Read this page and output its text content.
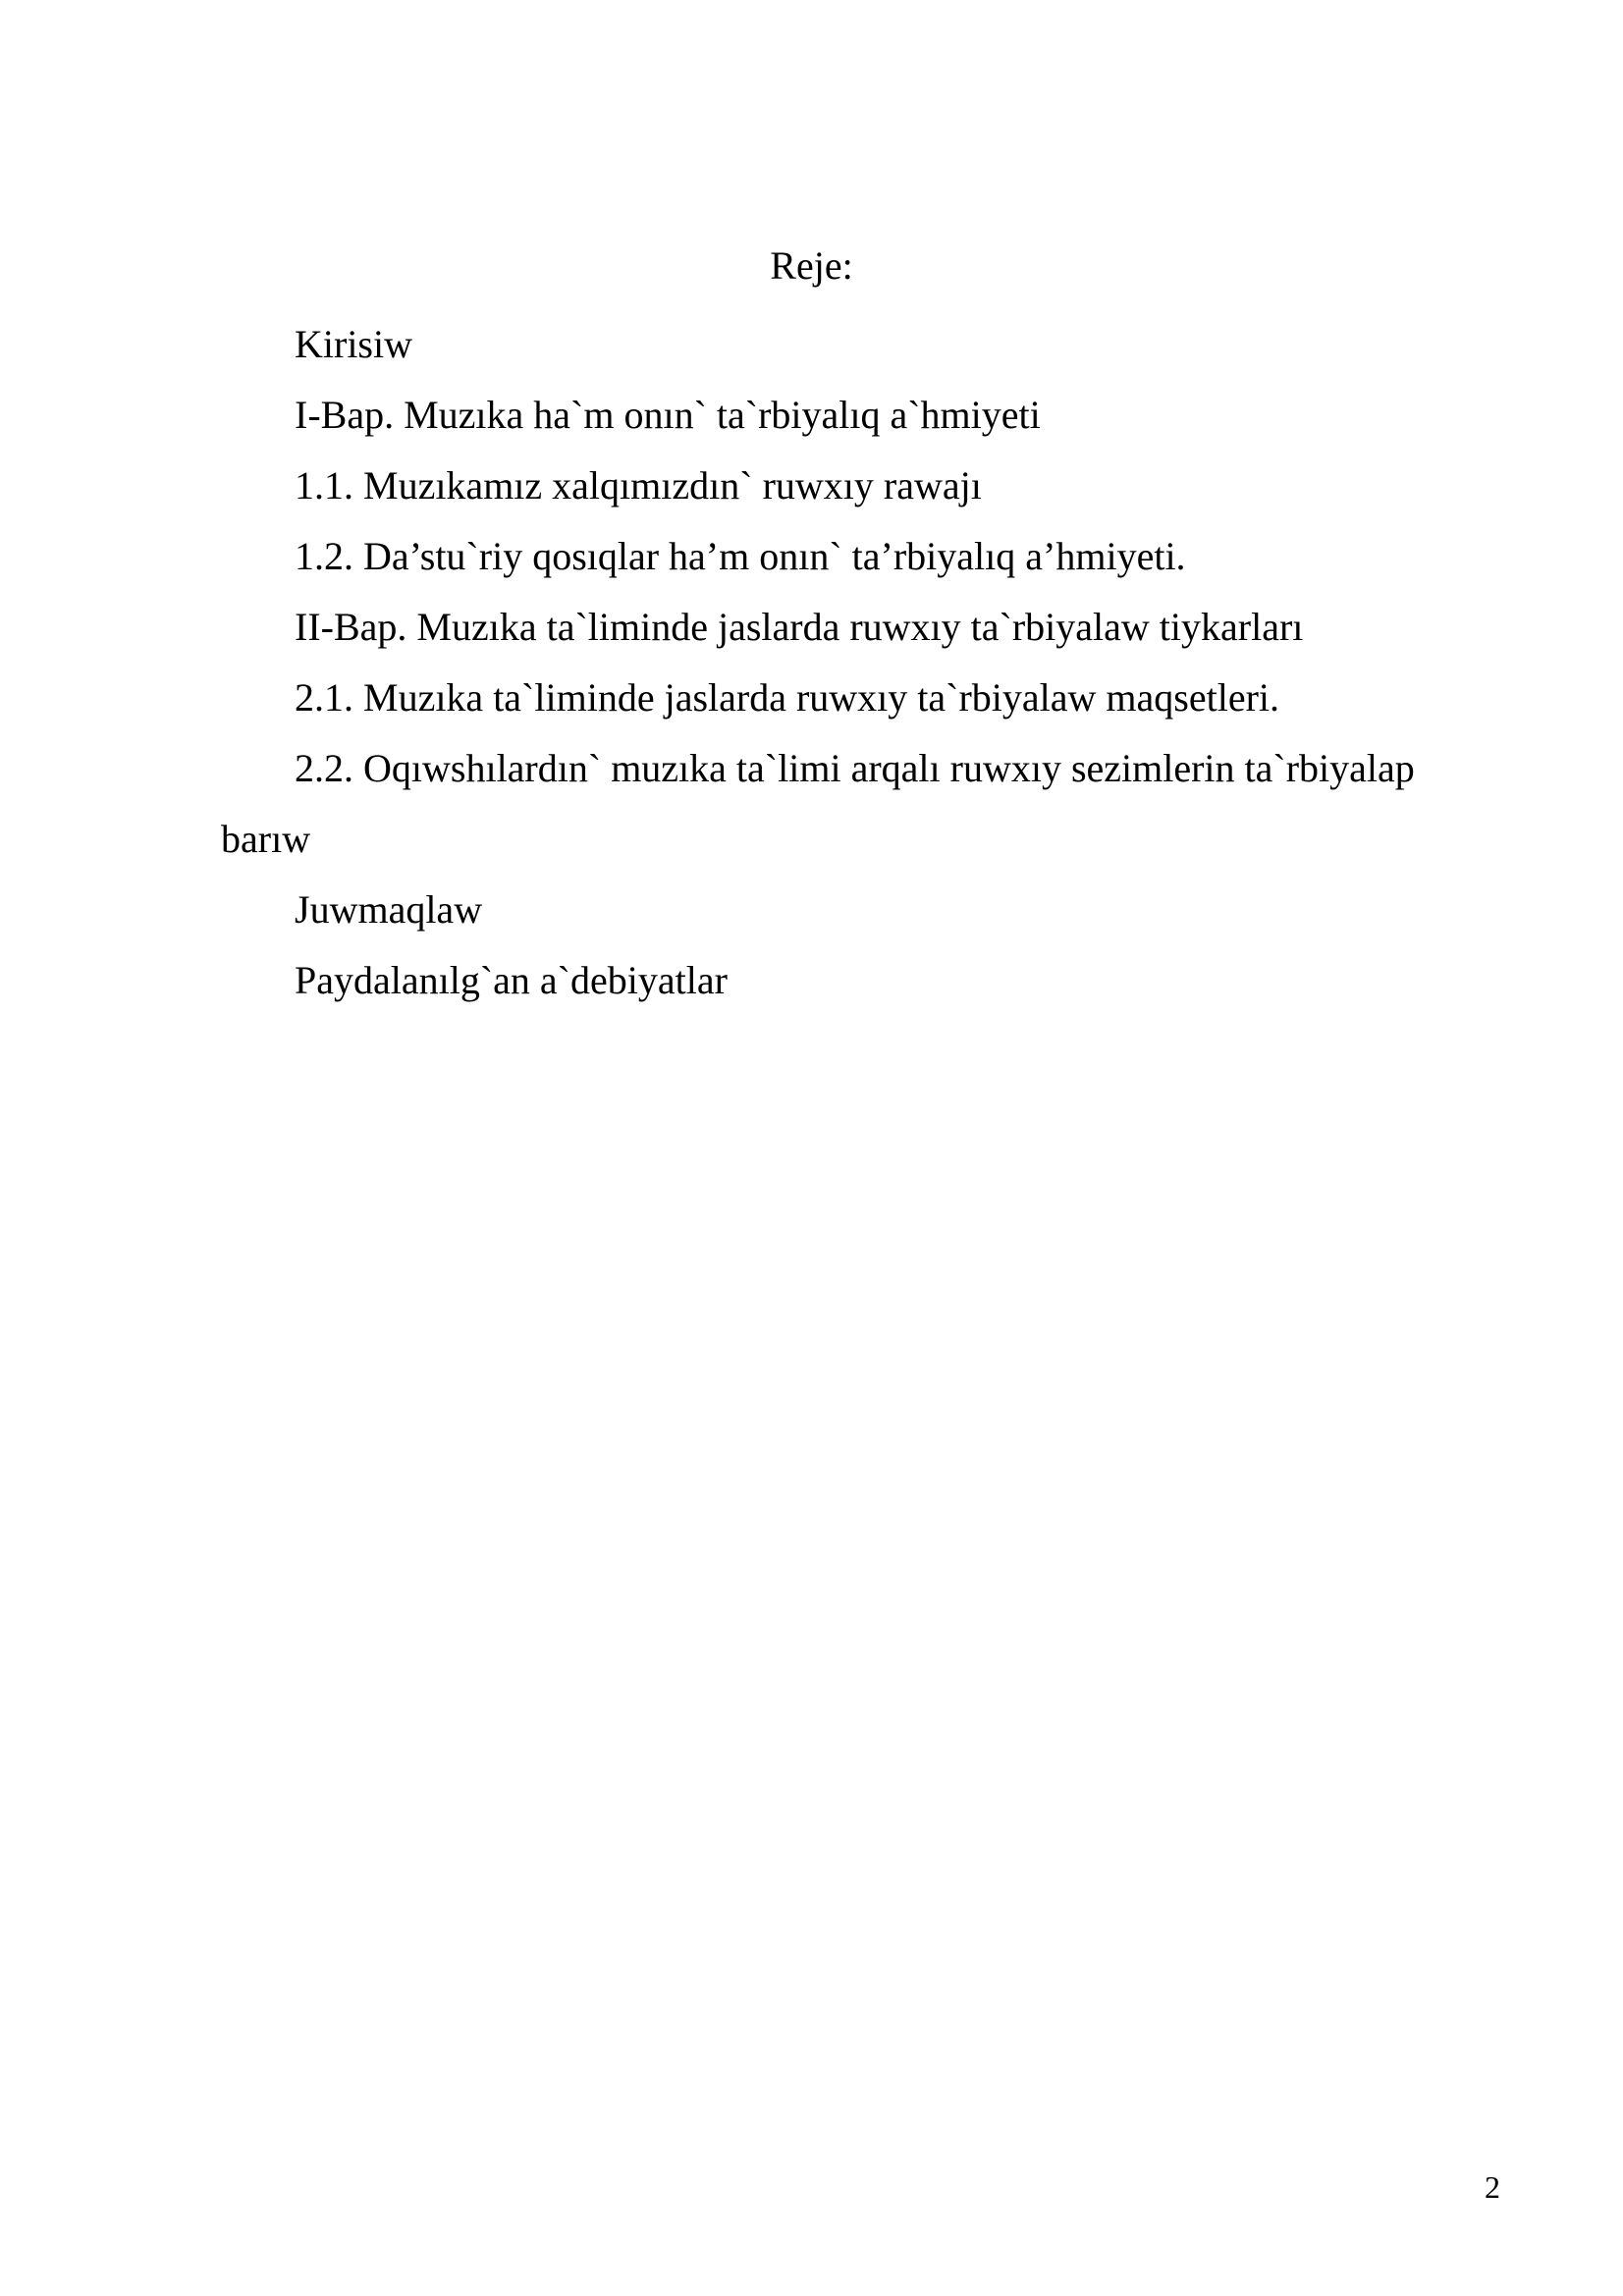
Reje:
Kirisiw
I-Bap. Muzıka ha`m onın` ta`rbiyalıq a`hmiyeti
1.1. Muzıkamız xalqımızdın` ruwxıy rawajı
1.2. Da’stu`riy qosıqlar ha’m onın` ta’rbiyalıq a’hmiyeti.
II-Bap. Muzıka ta`liminde jaslarda ruwxıy ta`rbiyalaw tiykarları
2.1. Muzıka ta`liminde jaslarda ruwxıy ta`rbiyalaw maqsetleri.
2.2. Oqıwshılardın` muzıka ta`limi arqalı ruwxıy sezimlerin ta`rbiyalap
barıw
Juwmaqlaw
Paydalanılg`an a`debiyatlar
2
